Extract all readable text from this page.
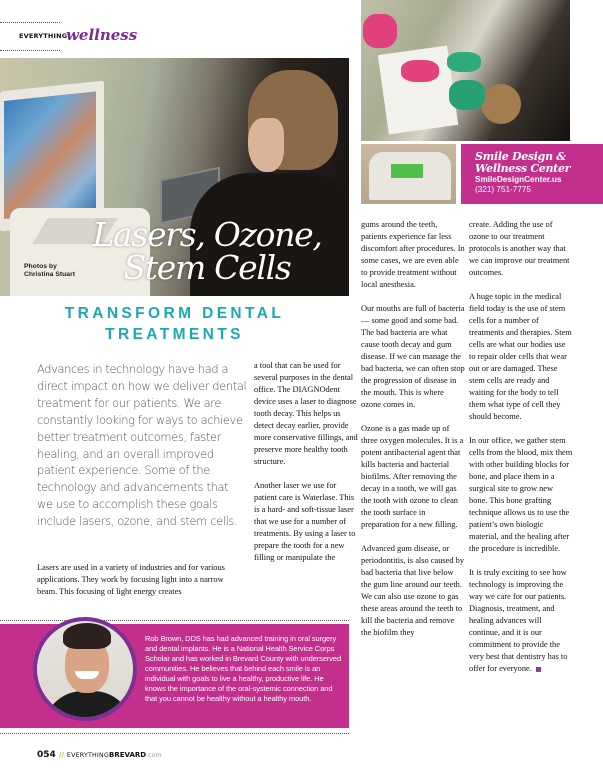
EVERYTHING
wellness
Photos by
Christina Stuart
Lasers, Ozone,
Stem Cells
TRANSFORM DENTAL
TREATMENTS
Smile Design &
Wellness Center
SmileDesignCenter.us
(321) 751-7775
Advances in technology have had a direct impact on how we deliver dental treatment for our patients. We are constantly looking for ways to achieve better treatment outcomes, faster healing, and an overall improved patient experience. Some of the technology and advancements that we use to accomplish these goals include lasers, ozone, and stem cells.
Lasers are used in a variety of industries and for various applications. They work by focusing light into a narrow beam. This focusing of light energy creates

a tool that can be used for several purposes in the dental office. The DIAGNOdent device uses a laser to diagnose tooth decay. This helps us detect decay earlier, provide more conservative fillings, and preserve more healthy tooth structure.

Another laser we use for patient care is Waterlase. This is a hard- and soft-tissue laser that we use for a number of treatments. By using a laser to prepare the tooth for a new filling or manipulate the

gums around the teeth, patients experience far less discomfort after procedures. In some cases, we are even able to provide treatment without local anesthesia.

Our mouths are full of bacteria — some good and some bad. The bad bacteria are what cause tooth decay and gum disease. If we can manage the bad bacteria, we can often stop the progression of disease in the mouth. This is where ozone comes in.

Ozone is a gas made up of three oxygen molecules. It is a potent antibacterial agent that kills bacteria and bacterial biofilms. After removing the decay in a tooth, we will gas the tooth with ozone to clean the tooth surface in preparation for a new filling.

Advanced gum disease, or periodontitis, is also caused by bad bacteria that live below the gum line around our teeth. We can also use ozone to gas these areas around the teeth to kill the bacteria and remove the biofilm they

create. Adding the use of ozone to our treatment protocols is another way that we can improve our treatment outcomes.

A huge topic in the medical field today is the use of stem cells for a number of treatments and therapies. Stem cells are what our bodies use to repair older cells that wear out or are damaged. These stem cells are ready and waiting for the body to tell them what type of cell they should become.

In our office, we gather stem cells from the blood, mix them with other building blocks for bone, and place them in a surgical site to grow new bone. This bone grafting technique allows us to use the patient’s own biologic material, and the healing after the procedure is incredible.

It is truly exciting to see how technology is improving the way we care for our patients. Diagnosis, treatment, and healing advances will continue, and it is our commitment to provide the very best that dentistry has to offer for everyone.

Rob Brown, DDS has had advanced training in oral surgery and dental implants. He is a National Health Service Corps Scholar and has worked in Brevard County with underserved communities. He believes that behind each smile is an individual with goals to live a healthy, productive life. He knows the importance of the oral-systemic connection and that you cannot be healthy without a healthy mouth.
054 // EVERYTHINGBREVARD.com
